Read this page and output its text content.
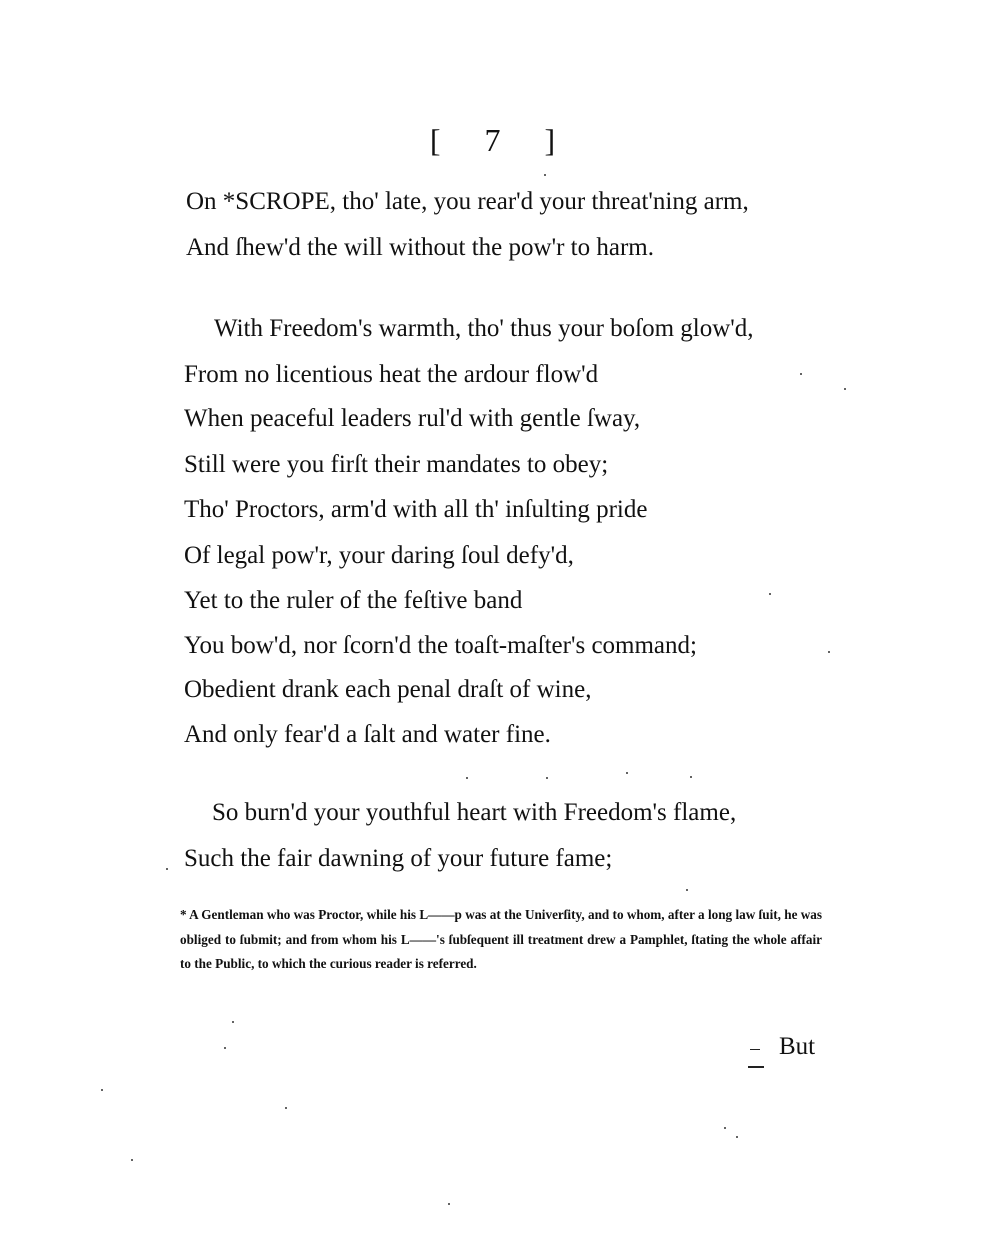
[ 7 ]
On *SCROPE, tho' late, you rear'd your threat'ning arm,
And ſhew'd the will without the pow'r to harm.
With Freedom's warmth, tho' thus your boſom glow'd,
From no licentious heat the ardour flow'd
When peaceful leaders rul'd with gentle ſway,
Still were you firſt their mandates to obey;
Tho' Proctors, arm'd with all th' inſulting pride
Of legal pow'r, your daring ſoul defy'd,
Yet to the ruler of the feſtive band
You bow'd, nor ſcorn'd the toaſt-maſter's command;
Obedient drank each penal draſt of wine,
And only fear'd a ſalt and water fine.
So burn'd your youthful heart with Freedom's flame,
Such the fair dawning of your future fame;

* A Gentleman who was Proctor, while his L——p was at the Univerſity, and to whom, after a long law ſuit, he was obliged to ſubmit; and from whom his L——'s ſubſequent ill treatment drew a Pamphlet, ſtating the whole affair to the Public, to which the curious reader is referred.

But
